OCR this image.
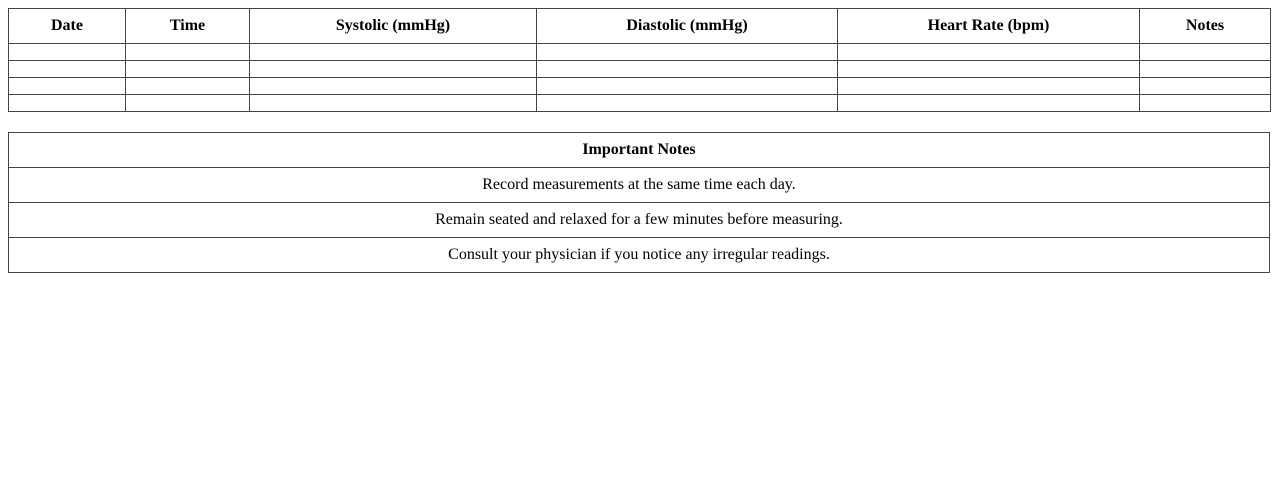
Date	Time	Systolic (mmHg)	Diastolic (mmHg)	Heart Rate (bpm)	Notes

Important Notes
Record measurements at the same time each day.
Remain seated and relaxed for a few minutes before measuring.
Consult your physician if you notice any irregular readings.
